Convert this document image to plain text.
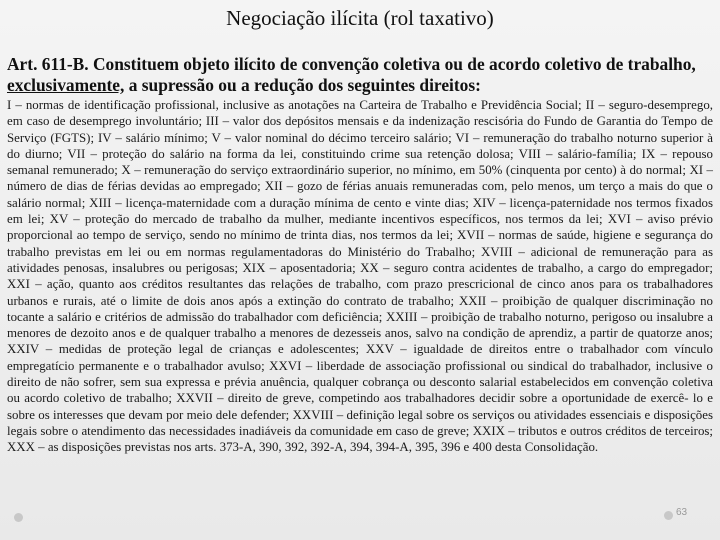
Negociação ilícita (rol taxativo)
Art. 611-B. Constituem objeto ilícito de convenção coletiva ou de acordo coletivo de trabalho, exclusivamente, a supressão ou a redução dos seguintes direitos:

I – normas de identificação profissional, inclusive as anotações na Carteira de Trabalho e Previdência Social; II – seguro-desemprego, em caso de desemprego involuntário; III – valor dos depósitos mensais e da indenização rescisória do Fundo de Garantia do Tempo de Serviço (FGTS); IV – salário mínimo; V – valor nominal do décimo terceiro salário; VI – remuneração do trabalho noturno superior à do diurno; VII – proteção do salário na forma da lei, constituindo crime sua retenção dolosa; VIII – salário-família; IX – repouso semanal remunerado; X – remuneração do serviço extraordinário superior, no mínimo, em 50% (cinquenta por cento) à do normal; XI – número de dias de férias devidas ao empregado; XII – gozo de férias anuais remuneradas com, pelo menos, um terço a mais do que o salário normal; XIII – licença-maternidade com a duração mínima de cento e vinte dias; XIV – licença-paternidade nos termos fixados em lei; XV – proteção do mercado de trabalho da mulher, mediante incentivos específicos, nos termos da lei; XVI – aviso prévio proporcional ao tempo de serviço, sendo no mínimo de trinta dias, nos termos da lei; XVII – normas de saúde, higiene e segurança do trabalho previstas em lei ou em normas regulamentadoras do Ministério do Trabalho; XVIII – adicional de remuneração para as atividades penosas, insalubres ou perigosas; XIX – aposentadoria; XX – seguro contra acidentes de trabalho, a cargo do empregador; XXI – ação, quanto aos créditos resultantes das relações de trabalho, com prazo prescricional de cinco anos para os trabalhadores urbanos e rurais, até o limite de dois anos após a extinção do contrato de trabalho; XXII – proibição de qualquer discriminação no tocante a salário e critérios de admissão do trabalhador com deficiência; XXIII – proibição de trabalho noturno, perigoso ou insalubre a menores de dezoito anos e de qualquer trabalho a menores de dezesseis anos, salvo na condição de aprendiz, a partir de quatorze anos; XXIV – medidas de proteção legal de crianças e adolescentes; XXV – igualdade de direitos entre o trabalhador com vínculo empregatício permanente e o trabalhador avulso; XXVI – liberdade de associação profissional ou sindical do trabalhador, inclusive o direito de não sofrer, sem sua expressa e prévia anuência, qualquer cobrança ou desconto salarial estabelecidos em convenção coletiva ou acordo coletivo de trabalho; XXVII – direito de greve, competindo aos trabalhadores decidir sobre a oportunidade de exercê- lo e sobre os interesses que devam por meio dele defender; XXVIII – definição legal sobre os serviços ou atividades essenciais e disposições legais sobre o atendimento das necessidades inadiáveis da comunidade em caso de greve; XXIX – tributos e outros créditos de terceiros; XXX – as disposições previstas nos arts. 373-A, 390, 392, 392-A, 394, 394-A, 395, 396 e 400 desta Consolidação.

63
